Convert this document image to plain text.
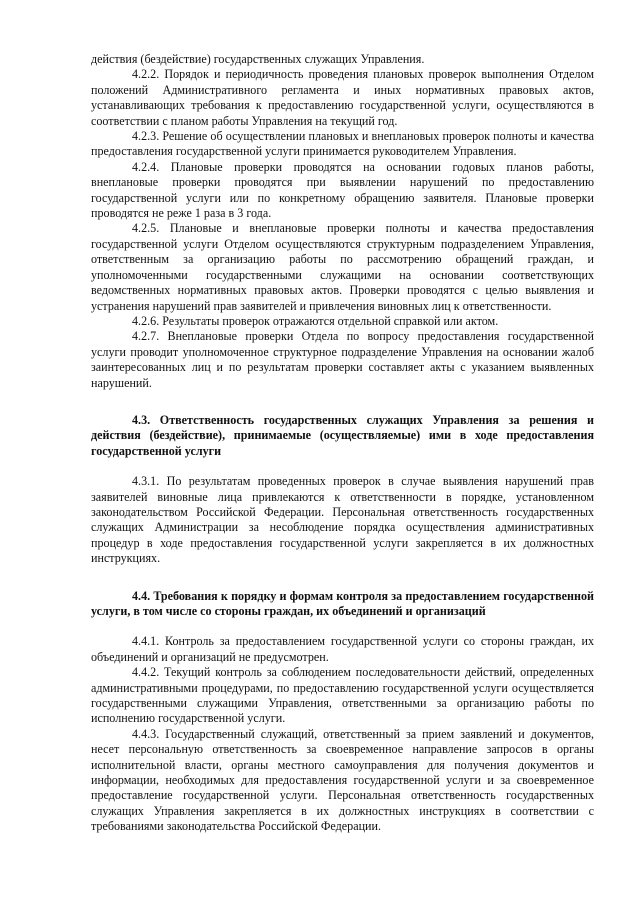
действия (бездействие) государственных служащих Управления.

4.2.2. Порядок и периодичность проведения плановых проверок выполнения Отделом положений Административного регламента и иных нормативных правовых актов, устанавливающих требования к предоставлению государственной услуги, осуществляются в соответствии с планом работы Управления на текущий год.

4.2.3. Решение об осуществлении плановых и внеплановых проверок полноты и качества предоставления государственной услуги принимается руководителем Управления.

4.2.4. Плановые проверки проводятся на основании годовых планов работы, внеплановые проверки проводятся при выявлении нарушений по предоставлению государственной услуги или по конкретному обращению заявителя. Плановые проверки проводятся не реже 1 раза в 3 года.

4.2.5. Плановые и внеплановые проверки полноты и качества предоставления государственной услуги Отделом осуществляются структурным подразделением Управления, ответственным за организацию работы по рассмотрению обращений граждан, и уполномоченными государственными служащими на основании соответствующих ведомственных нормативных правовых актов. Проверки проводятся с целью выявления и устранения нарушений прав заявителей и привлечения виновных лиц к ответственности.

4.2.6. Результаты проверок отражаются отдельной справкой или актом.

4.2.7. Внеплановые проверки Отдела по вопросу предоставления государственной услуги проводит уполномоченное структурное подразделение Управления на основании жалоб заинтересованных лиц и по результатам проверки составляет акты с указанием выявленных нарушений.

4.3. Ответственность государственных служащих Управления за решения и действия (бездействие), принимаемые (осуществляемые) ими в ходе предоставления государственной услуги

4.3.1. По результатам проведенных проверок в случае выявления нарушений прав заявителей виновные лица привлекаются к ответственности в порядке, установленном законодательством Российской Федерации. Персональная ответственность государственных служащих Администрации за несоблюдение порядка осуществления административных процедур в ходе предоставления государственной услуги закрепляется в их должностных инструкциях.

4.4. Требования к порядку и формам контроля за предоставлением государственной услуги, в том числе со стороны граждан, их объединений и организаций

4.4.1. Контроль за предоставлением государственной услуги со стороны граждан, их объединений и организаций не предусмотрен.

4.4.2. Текущий контроль за соблюдением последовательности действий, определенных административными процедурами, по предоставлению государственной услуги осуществляется государственными служащими Управления, ответственными за организацию работы по исполнению государственной услуги.

4.4.3. Государственный служащий, ответственный за прием заявлений и документов, несет персональную ответственность за своевременное направление запросов в органы исполнительной власти, органы местного самоуправления для получения документов и информации, необходимых для предоставления государственной услуги и за своевременное предоставление государственной услуги. Персональная ответственность государственных служащих Управления закрепляется в их должностных инструкциях в соответствии с требованиями законодательства Российской Федерации.
